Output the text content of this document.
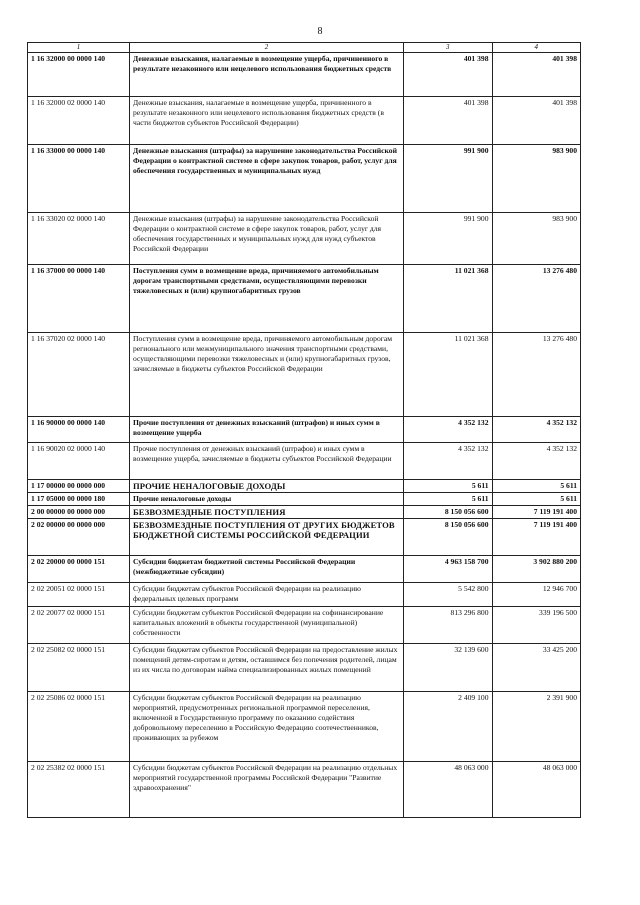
8
1	2	3	4
1 16 32000 00 0000 140	Денежные взыскания, налагаемые в возмещение ущерба, причиненного в результате незаконного или нецелевого использования бюджетных средств	401 398	401 398
1 16 32000 02 0000 140	Денежные взыскания, налагаемые в возмещение ущерба, причиненного в результате незаконного или нецелевого использования бюджетных средств (в части бюджетов субъектов Российской Федерации)	401 398	401 398
1 16 33000 00 0000 140	Денежные взыскания (штрафы) за нарушение законодательства Российской Федерации о контрактной системе в сфере закупок товаров, работ, услуг для обеспечения государственных и муниципальных нужд	991 900	983 900
1 16 33020 02 0000 140	Денежные взыскания (штрафы) за нарушение законодательства Российской Федерации о контрактной системе в сфере закупок товаров, работ, услуг для обеспечения государственных и муниципальных нужд для нужд субъектов Российской Федерации	991 900	983 900
1 16 37000 00 0000 140	Поступления сумм в возмещение вреда, причиняемого автомобильным дорогам транспортными средствами, осуществляющими перевозки тяжеловесных и (или) крупногабаритных грузов	11 021 368	13 276 480
1 16 37020 02 0000 140	Поступления сумм в возмещение вреда, причиняемого автомобильным дорогам регионального или межмуниципального значения транспортными средствами, осуществляющими перевозки тяжеловесных и (или) крупногабаритных грузов, зачисляемые в бюджеты субъектов Российской Федерации	11 021 368	13 276 480
1 16 90000 00 0000 140	Прочие поступления от денежных взысканий (штрафов) и иных сумм в возмещение ущерба	4 352 132	4 352 132
1 16 90020 02 0000 140	Прочие поступления от денежных взысканий (штрафов) и иных сумм в возмещение ущерба, зачисляемые в бюджеты субъектов Российской Федерации	4 352 132	4 352 132
1 17 00000 00 0000 000	ПРОЧИЕ НЕНАЛОГОВЫЕ ДОХОДЫ	5 611	5 611
1 17 05000 00 0000 180	Прочие неналоговые доходы	5 611	5 611
2 00 00000 00 0000 000	БЕЗВОЗМЕЗДНЫЕ ПОСТУПЛЕНИЯ	8 150 056 600	7 119 191 400
2 02 00000 00 0000 000	БЕЗВОЗМЕЗДНЫЕ ПОСТУПЛЕНИЯ ОТ ДРУГИХ БЮДЖЕТОВ БЮДЖЕТНОЙ СИСТЕМЫ РОССИЙСКОЙ ФЕДЕРАЦИИ	8 150 056 600	7 119 191 400
2 02 20000 00 0000 151	Субсидии бюджетам бюджетной системы Российской Федерации (межбюджетные субсидии)	4 963 158 700	3 902 880 200
2 02 20051 02 0000 151	Субсидии бюджетам субъектов Российской Федерации на реализацию федеральных целевых программ	5 542 800	12 946 700
2 02 20077 02 0000 151	Субсидии бюджетам субъектов Российской Федерации на софинансирование капитальных вложений в объекты государственной (муниципальной) собственности	813 296 800	339 196 500
2 02 25082 02 0000 151	Субсидии бюджетам субъектов Российской Федерации на предоставление жилых помещений детям-сиротам и детям, оставшимся без попечения родителей, лицам из их числа по договорам найма специализированных жилых помещений	32 139 600	33 425 200
2 02 25086 02 0000 151	Субсидии бюджетам субъектов Российской Федерации на реализацию мероприятий, предусмотренных региональной программой переселения, включенной в Государственную программу по оказанию содействия добровольному переселению в Российскую Федерацию соотечественников, проживающих за рубежом	2 409 100	2 391 900
2 02 25382 02 0000 151	Субсидии бюджетам субъектов Российской Федерации на реализацию отдельных мероприятий государственной программы Российской Федерации "Развитие здравоохранения"	48 063 000	48 063 000
